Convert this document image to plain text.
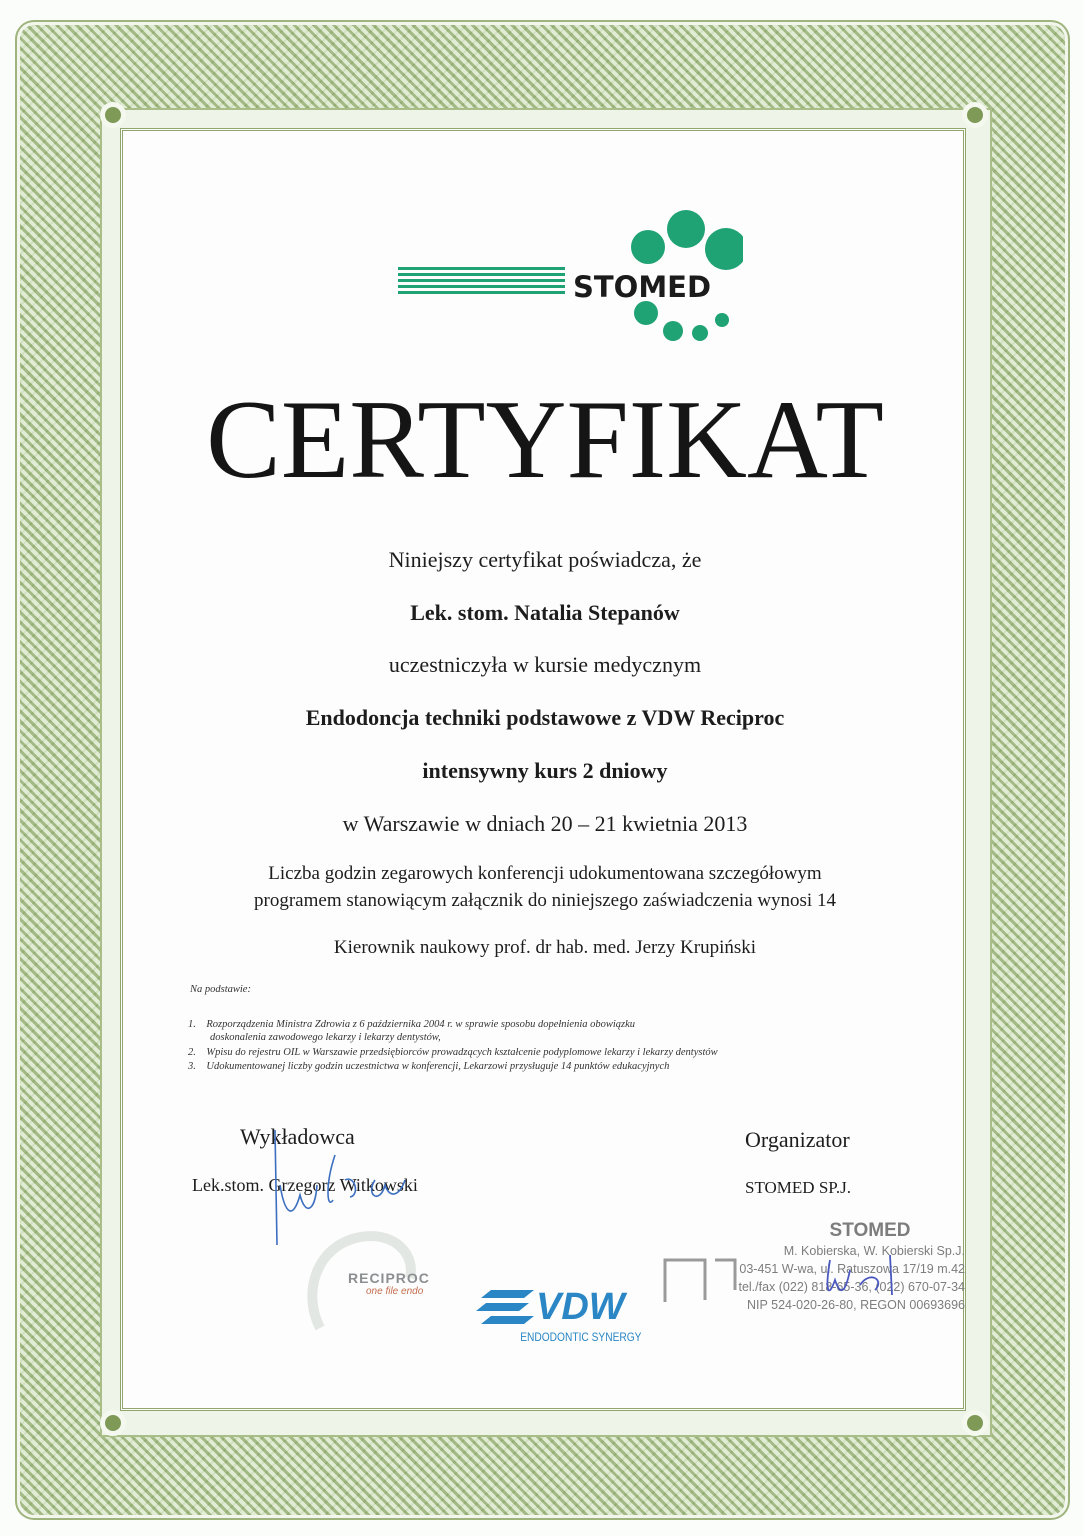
STOMED
CERTYFIKAT
Niniejszy certyfikat poświadcza, że
Lek. stom. Natalia Stepanów
uczestniczyła w kursie medycznym
Endodoncja techniki podstawowe z VDW Reciproc
intensywny kurs 2 dniowy
w Warszawie w dniach 20 – 21 kwietnia 2013
Liczba godzin zegarowych konferencji udokumentowana szczegółowym
programem stanowiącym załącznik do niniejszego zaświadczenia wynosi 14
Kierownik naukowy prof. dr hab. med. Jerzy Krupiński
Na podstawie:
1. Rozporządzenia Ministra Zdrowia z 6 października 2004 r. w sprawie sposobu dopełnienia obowiązku
doskonalenia zawodowego lekarzy i lekarzy dentystów,
2. Wpisu do rejestru OIL w Warszawie przedsiębiorców prowadzących kształcenie podyplomowe lekarzy i lekarzy dentystów
3. Udokumentowanej liczby godzin uczestnictwa w konferencji, Lekarzowi przysługuje 14 punktów edukacyjnych
Wykładowca
Lek.stom. Grzegorz Witkowski
Organizator
STOMED SP.J.
STOMED
M. Kobierska, W. Kobierski Sp.J.
03-451 W-wa, ul. Ratuszowa 17/19 m.42
tel./fax (022) 818-65-36, (022) 670-07-34
NIP 524-020-26-80, REGON 00693696
RECIPROC
one file endo	VDW
ENDODONTIC SYNERGY
